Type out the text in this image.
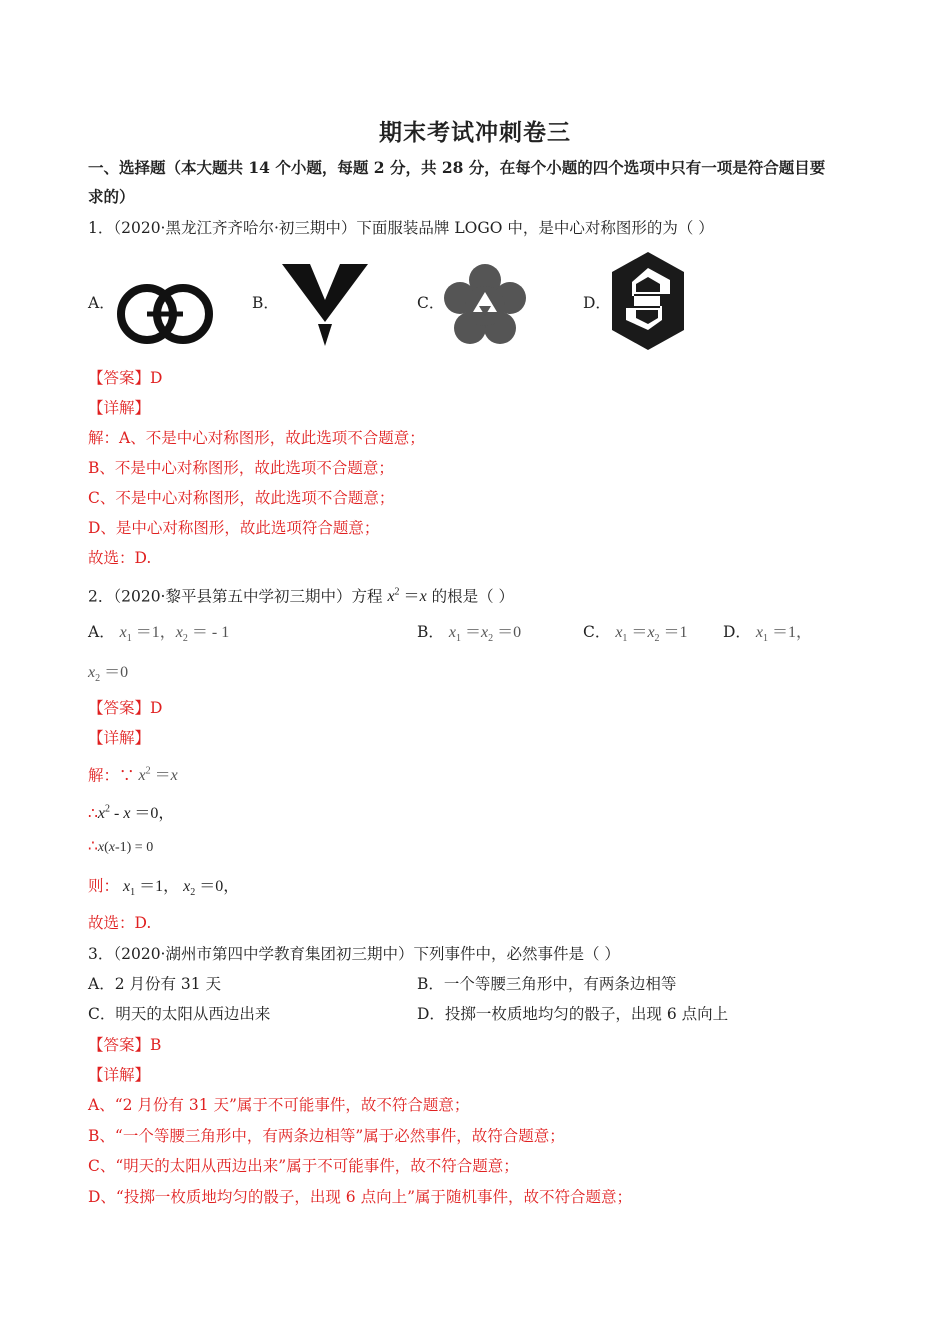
期末考试冲刺卷三
一、选择题（本大题共 14 个小题，每题 2 分，共 28 分，在每个小题的四个选项中只有一项是符合题目要
求的）
1．（2020·黑龙江齐齐哈尔·初三期中）下面服装品牌 LOGO 中，是中心对称图形的为（ ）
A．	B．	C．	D．
【答案】D
【详解】
解：A、不是中心对称图形，故此选项不合题意；
B、不是中心对称图形，故此选项不合题意；
C、不是中心对称图形，故此选项不合题意；
D、是中心对称图形，故此选项符合题意；
故选：D.
2．（2020·黎平县第五中学初三期中）方程 $x^2 =x$ 的根是（ ）
A． $x_1 =1$，$x_2$ ＝ ‑ 1	B． $x_1 =x_2 =0$	C． $x_1 =x_2 =1$ D． $x_1 =1$，
$x_2 =0$
【答案】D
【详解】
解：∵ $x^2 =x$
$\therefore x^2$ ‑ x ＝0，
∴x(x‑1) = 0
则： $x_1 =1$， $x_2 =0$，
故选：D.
3．（2020·湖州市第四中学教育集团初三期中）下列事件中，必然事件是（ ）
A．2 月份有 31 天	B．一个等腰三角形中，有两条边相等
C．明天的太阳从西边出来	D．投掷一枚质地均匀的骰子，出现 6 点向上
【答案】B
【详解】
A、“2 月份有 31 天”属于不可能事件，故不符合题意；
B、“一个等腰三角形中，有两条边相等”属于必然事件，故符合题意；
C、“明天的太阳从西边出来”属于不可能事件，故不符合题意；
D、“投掷一枚质地均匀的骰子，出现 6 点向上”属于随机事件，故不符合题意；
